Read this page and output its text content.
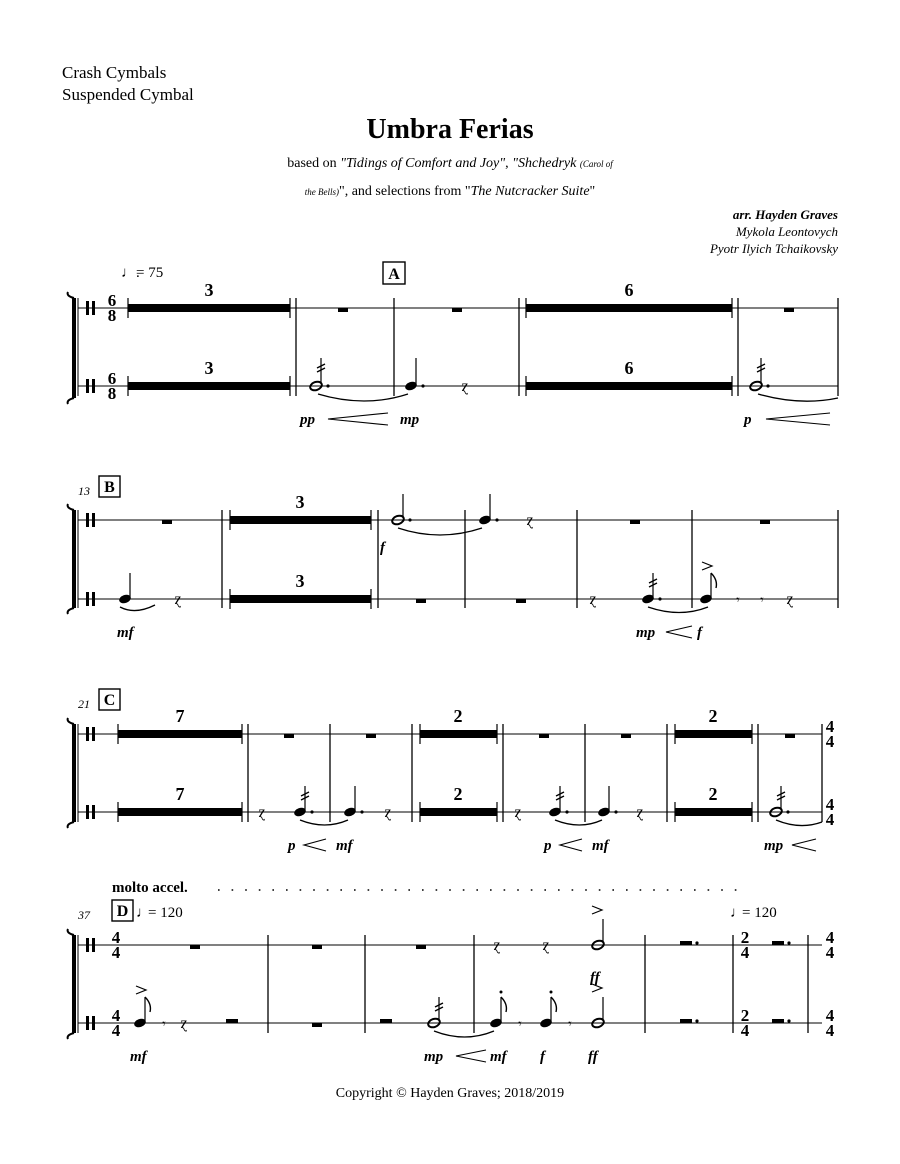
Crash Cymbals
Suspended Cymbal
Umbra Ferias
based on "Tidings of Comfort and Joy", "Shchedryk (Carol of
the Bells)", and selections from "The Nutcracker Suite"
arr. Hayden Graves
Mykola Leontovych
Pyotr Ilyich Tchaikovsky
♩.
= 75	A
6
8
6
8
3
3
ɀ
6
6
pp	mp	p
13 B
3
3
ɀ
ɀ
ɀ	𝄾 𝄾 ɀ
mf
f
mp	f
21 C
7
7
2
2
2
2
ɀ	ɀ	ɀ	ɀ
4
4
4
4
p	mf	p	mf	mp
molto accel.
37 D ♩
= 120	♩
= 120
4
4
4
4
ɀ	ɀ	2
4
2
4
4
4
4
4
𝄾 ɀ	𝄾	𝄾
ff
mf	mp	mf f	ff
Copyright © Hayden Graves; 2018/2019
